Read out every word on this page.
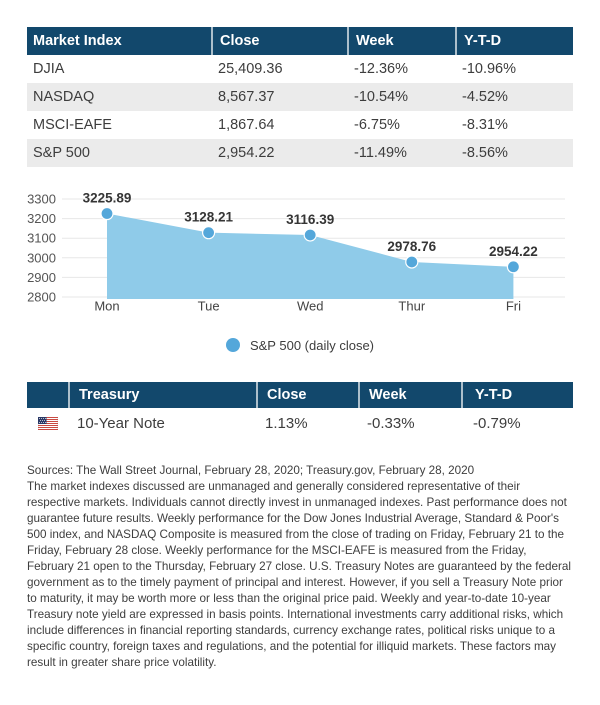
Market Index	Close	Week	Y-T-D
DJIA	25,409.36	-12.36%	-10.96%
NASDAQ	8,567.37	-10.54%	-4.52%
MSCI-EAFE	1,867.64	-6.75%	-8.31%
S&P 500	2,954.22	-11.49%	-8.56%
3300
3200
3100
3000
2900
2800
3225.89
Mon
3128.21
Tue
3116.39
Wed
2978.76
Thur
2954.22
Fri
S&P 500 (daily close)
Treasury	Close	Week	Y-T-D
10-Year Note	1.13%	-0.33%	-0.79%
Sources: The Wall Street Journal, February 28, 2020; Treasury.gov, February 28, 2020
The market indexes discussed are unmanaged and generally considered representative of their respective markets. Individuals cannot directly invest in unmanaged indexes. Past performance does not guarantee future results. Weekly performance for the Dow Jones Industrial Average, Standard & Poor's 500 index, and NASDAQ Composite is measured from the close of trading on Friday, February 21 to the Friday, February 28 close. Weekly performance for the MSCI-EAFE is measured from the Friday, February 21 open to the Thursday, February 27 close. U.S. Treasury Notes are guaranteed by the federal government as to the timely payment of principal and interest. However, if you sell a Treasury Note prior to maturity, it may be worth more or less than the original price paid. Weekly and year-to-date 10-year Treasury note yield are expressed in basis points. International investments carry additional risks, which include differences in financial reporting standards, currency exchange rates, political risks unique to a specific country, foreign taxes and regulations, and the potential for illiquid markets. These factors may result in greater share price volatility.
